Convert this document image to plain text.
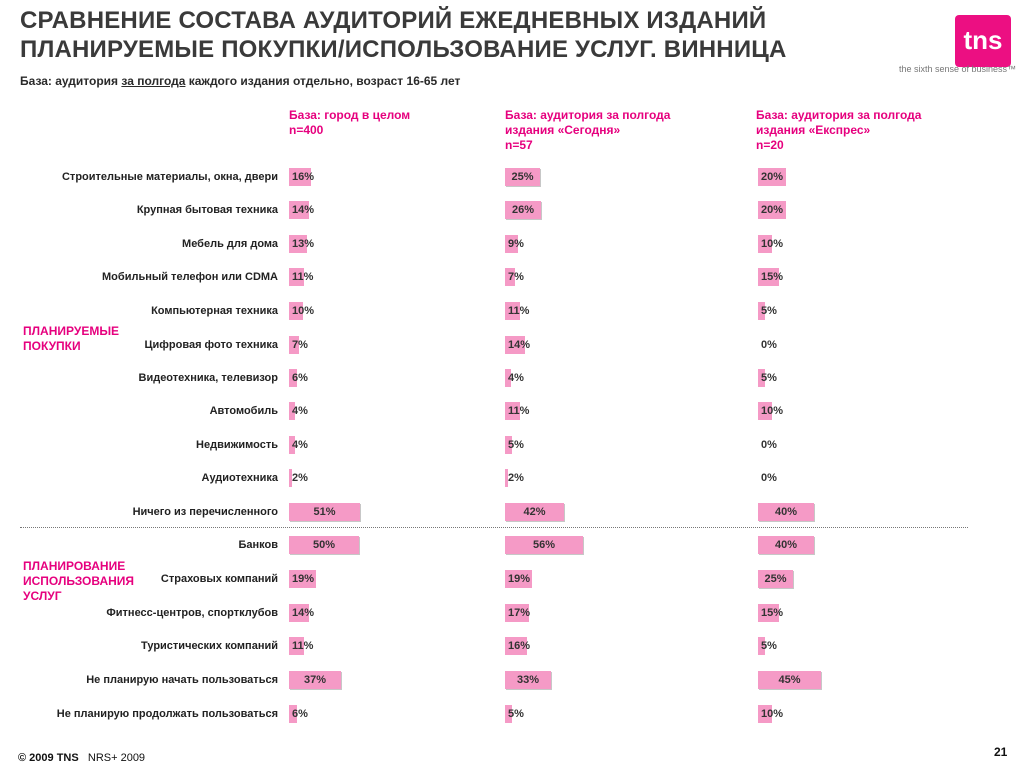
СРАВНЕНИЕ СОСТАВА АУДИТОРИЙ ЕЖЕДНЕВНЫХ ИЗДАНИЙ
ПЛАНИРУЕМЫЕ ПОКУПКИ/ИСПОЛЬЗОВАНИЕ УСЛУГ. ВИННИЦА	tns
the sixth sense of business™
База: аудитория за полгода каждого издания отдельно, возраст 16-65 лет
База: город в целом
n=400
База: аудитория за полгода
издания «Сегодня»
n=57
База: аудитория за полгода
издания «Експрес»
n=20
ПЛАНИРУЕМЫЕ ПОКУПКИ
ПЛАНИРОВАНИЕ ИСПОЛЬЗОВАНИЯ УСЛУГ
Строительные материалы, окна, двери
Крупная бытовая техника
Мебель для дома
Мобильный телефон или CDMA
Компьютерная техника
Цифровая фото техника
Видеотехника, телевизор
Автомобиль
Недвижимость
Аудиотехника
Ничего из перечисленного
Банков
Страховых компаний
Фитнесс-центров, спортклубов
Туристических компаний
Не планирую начать пользоваться
Не планирую продолжать пользоваться
16%
14%
13%
11%
10%
7%
6%
4%
4%
2%
51%
50%
19%
14%
11%
37%
6%
25%
26%
9%
7%
11%
14%
4%
11%
5%
2%
42%
56%
19%
17%
16%
33%
5%
20%
20%
10%
15%
5%
0%
5%
10%
0%
0%
40%
40%
25%
15%
5%
45%
10%
© 2009 TNS NRS+ 2009	21
